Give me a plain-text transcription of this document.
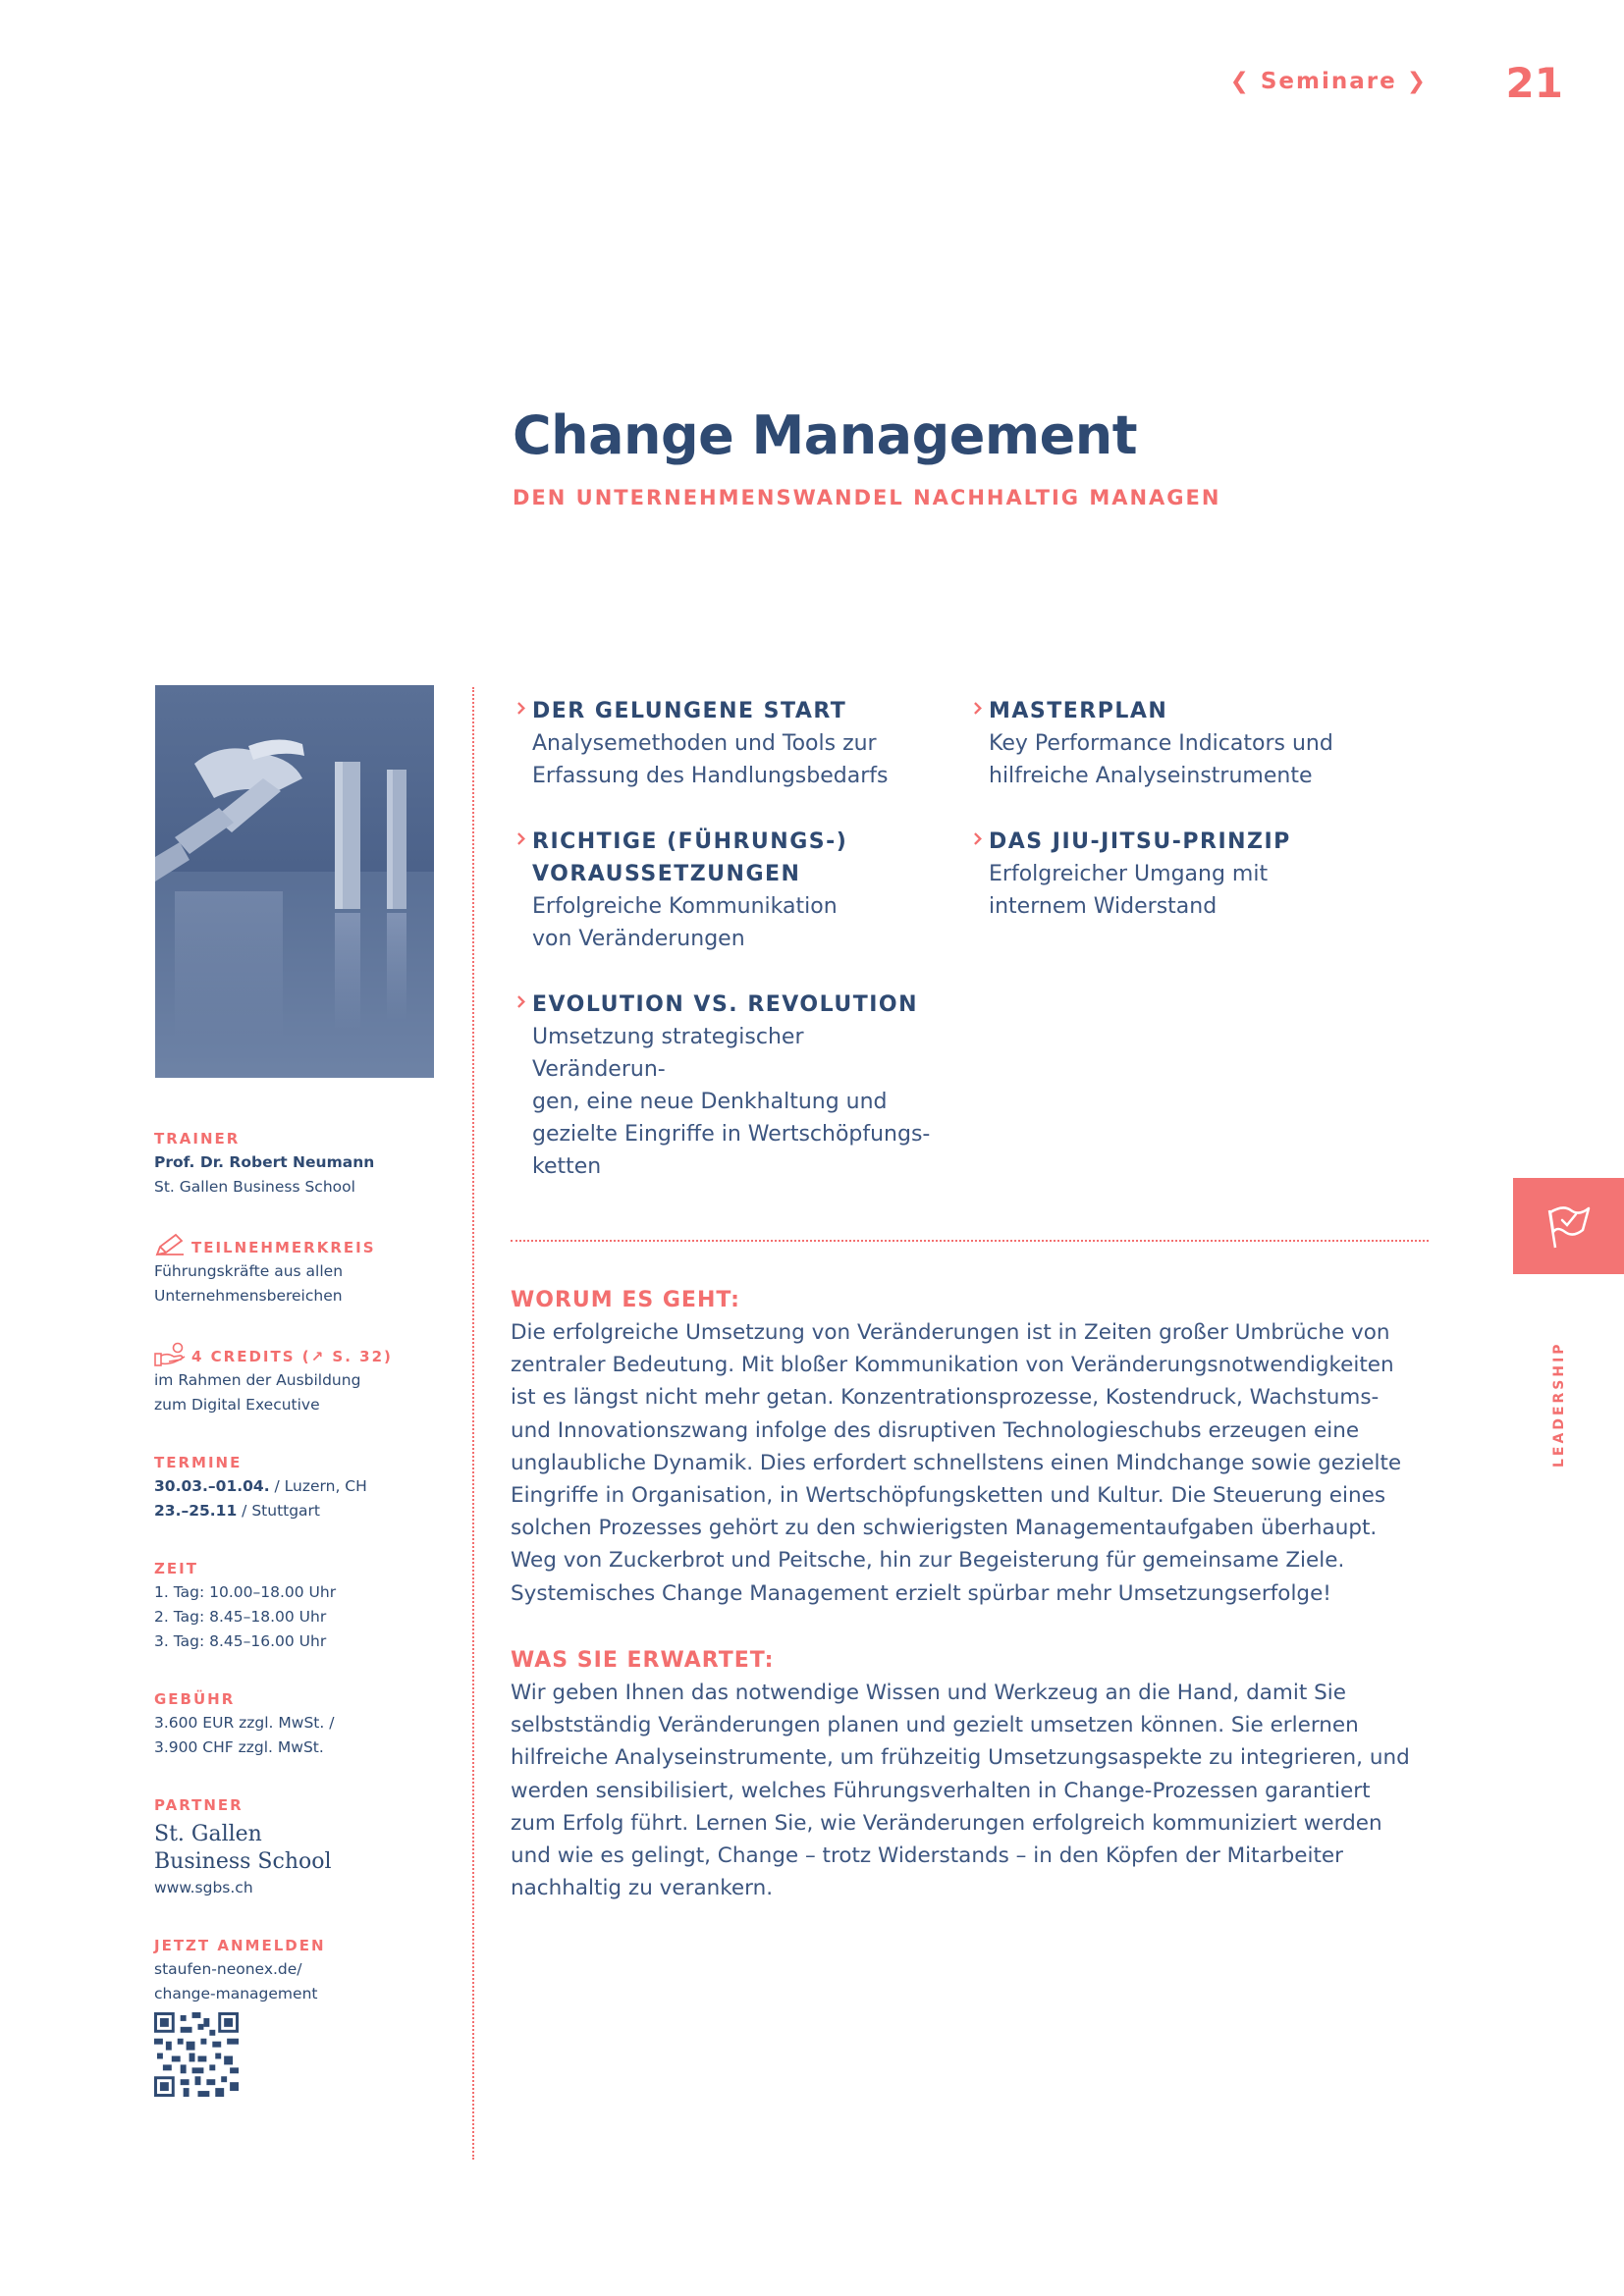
❮ Seminare ❯ 21
Change Management
DEN UNTERNEHMENSWANDEL NACHHALTIG MANAGEN
TRAINER
Prof. Dr. Robert Neumann
St. Gallen Business School
TEILNEHMERKREIS
Führungskräfte aus allen
Unternehmensbereichen
4 CREDITS (↗ S. 32)
im Rahmen der Ausbildung
zum Digital Executive
TERMINE
30.03.–01.04. / Luzern, CH
23.–25.11 / Stuttgart
ZEIT
1. Tag: 10.00–18.00 Uhr
2. Tag: 8.45–18.00 Uhr
3. Tag: 8.45–16.00 Uhr
GEBÜHR
3.600 EUR zzgl. MwSt. /
3.900 CHF zzgl. MwSt.
PARTNER
St. Gallen
Business School
www.sgbs.ch
JETZT ANMELDEN
staufen-neonex.de/
change-management
DER GELUNGENE START
Analysemethoden und Tools zur
Erfassung des Handlungsbedarfs
MASTERPLAN
Key Performance Indicators und
hilfreiche Analyseinstrumente
RICHTIGE (FÜHRUNGS-)
VORAUSSETZUNGEN
Erfolgreiche Kommunikation
von Veränderungen
DAS JIU-JITSU-PRINZIP
Erfolgreicher Umgang mit
internem Widerstand
EVOLUTION VS. REVOLUTION
Umsetzung strategischer Veränderun-
gen, eine neue Denkhaltung und
gezielte Eingriffe in Wertschöpfungs-
ketten
WORUM ES GEHT:

Die erfolgreiche Umsetzung von Veränderungen ist in Zeiten großer Umbrüche von zentraler Bedeutung. Mit bloßer Kommunikation von Veränderungsnotwendigkeiten ist es längst nicht mehr getan. Konzentrationsprozesse, Kostendruck, Wachstums- und Innovationszwang infolge des disruptiven Technologieschubs erzeugen eine unglaubliche Dynamik. Dies erfordert schnellstens einen Mindchange sowie gezielte Eingriffe in Organisation, in Wertschöpfungsketten und Kultur. Die Steuerung eines solchen Prozesses gehört zu den schwierigsten Managementaufgaben überhaupt. Weg von Zuckerbrot und Peitsche, hin zur Begeisterung für gemeinsame Ziele. Systemisches Change Management erzielt spürbar mehr Umsetzungserfolge!

WAS SIE ERWARTET:

Wir geben Ihnen das notwendige Wissen und Werkzeug an die Hand, damit Sie selbstständig Veränderungen planen und gezielt umsetzen können. Sie erlernen hilfreiche Analyseinstrumente, um frühzeitig Umsetzungsaspekte zu integrieren, und werden sensibilisiert, welches Führungsverhalten in Change-Prozessen garantiert zum Erfolg führt. Lernen Sie, wie Veränderungen erfolgreich kommuniziert werden und wie es gelingt, Change – trotz Widerstands – in den Köpfen der Mitarbeiter nachhaltig zu verankern.

LEADERSHIP
